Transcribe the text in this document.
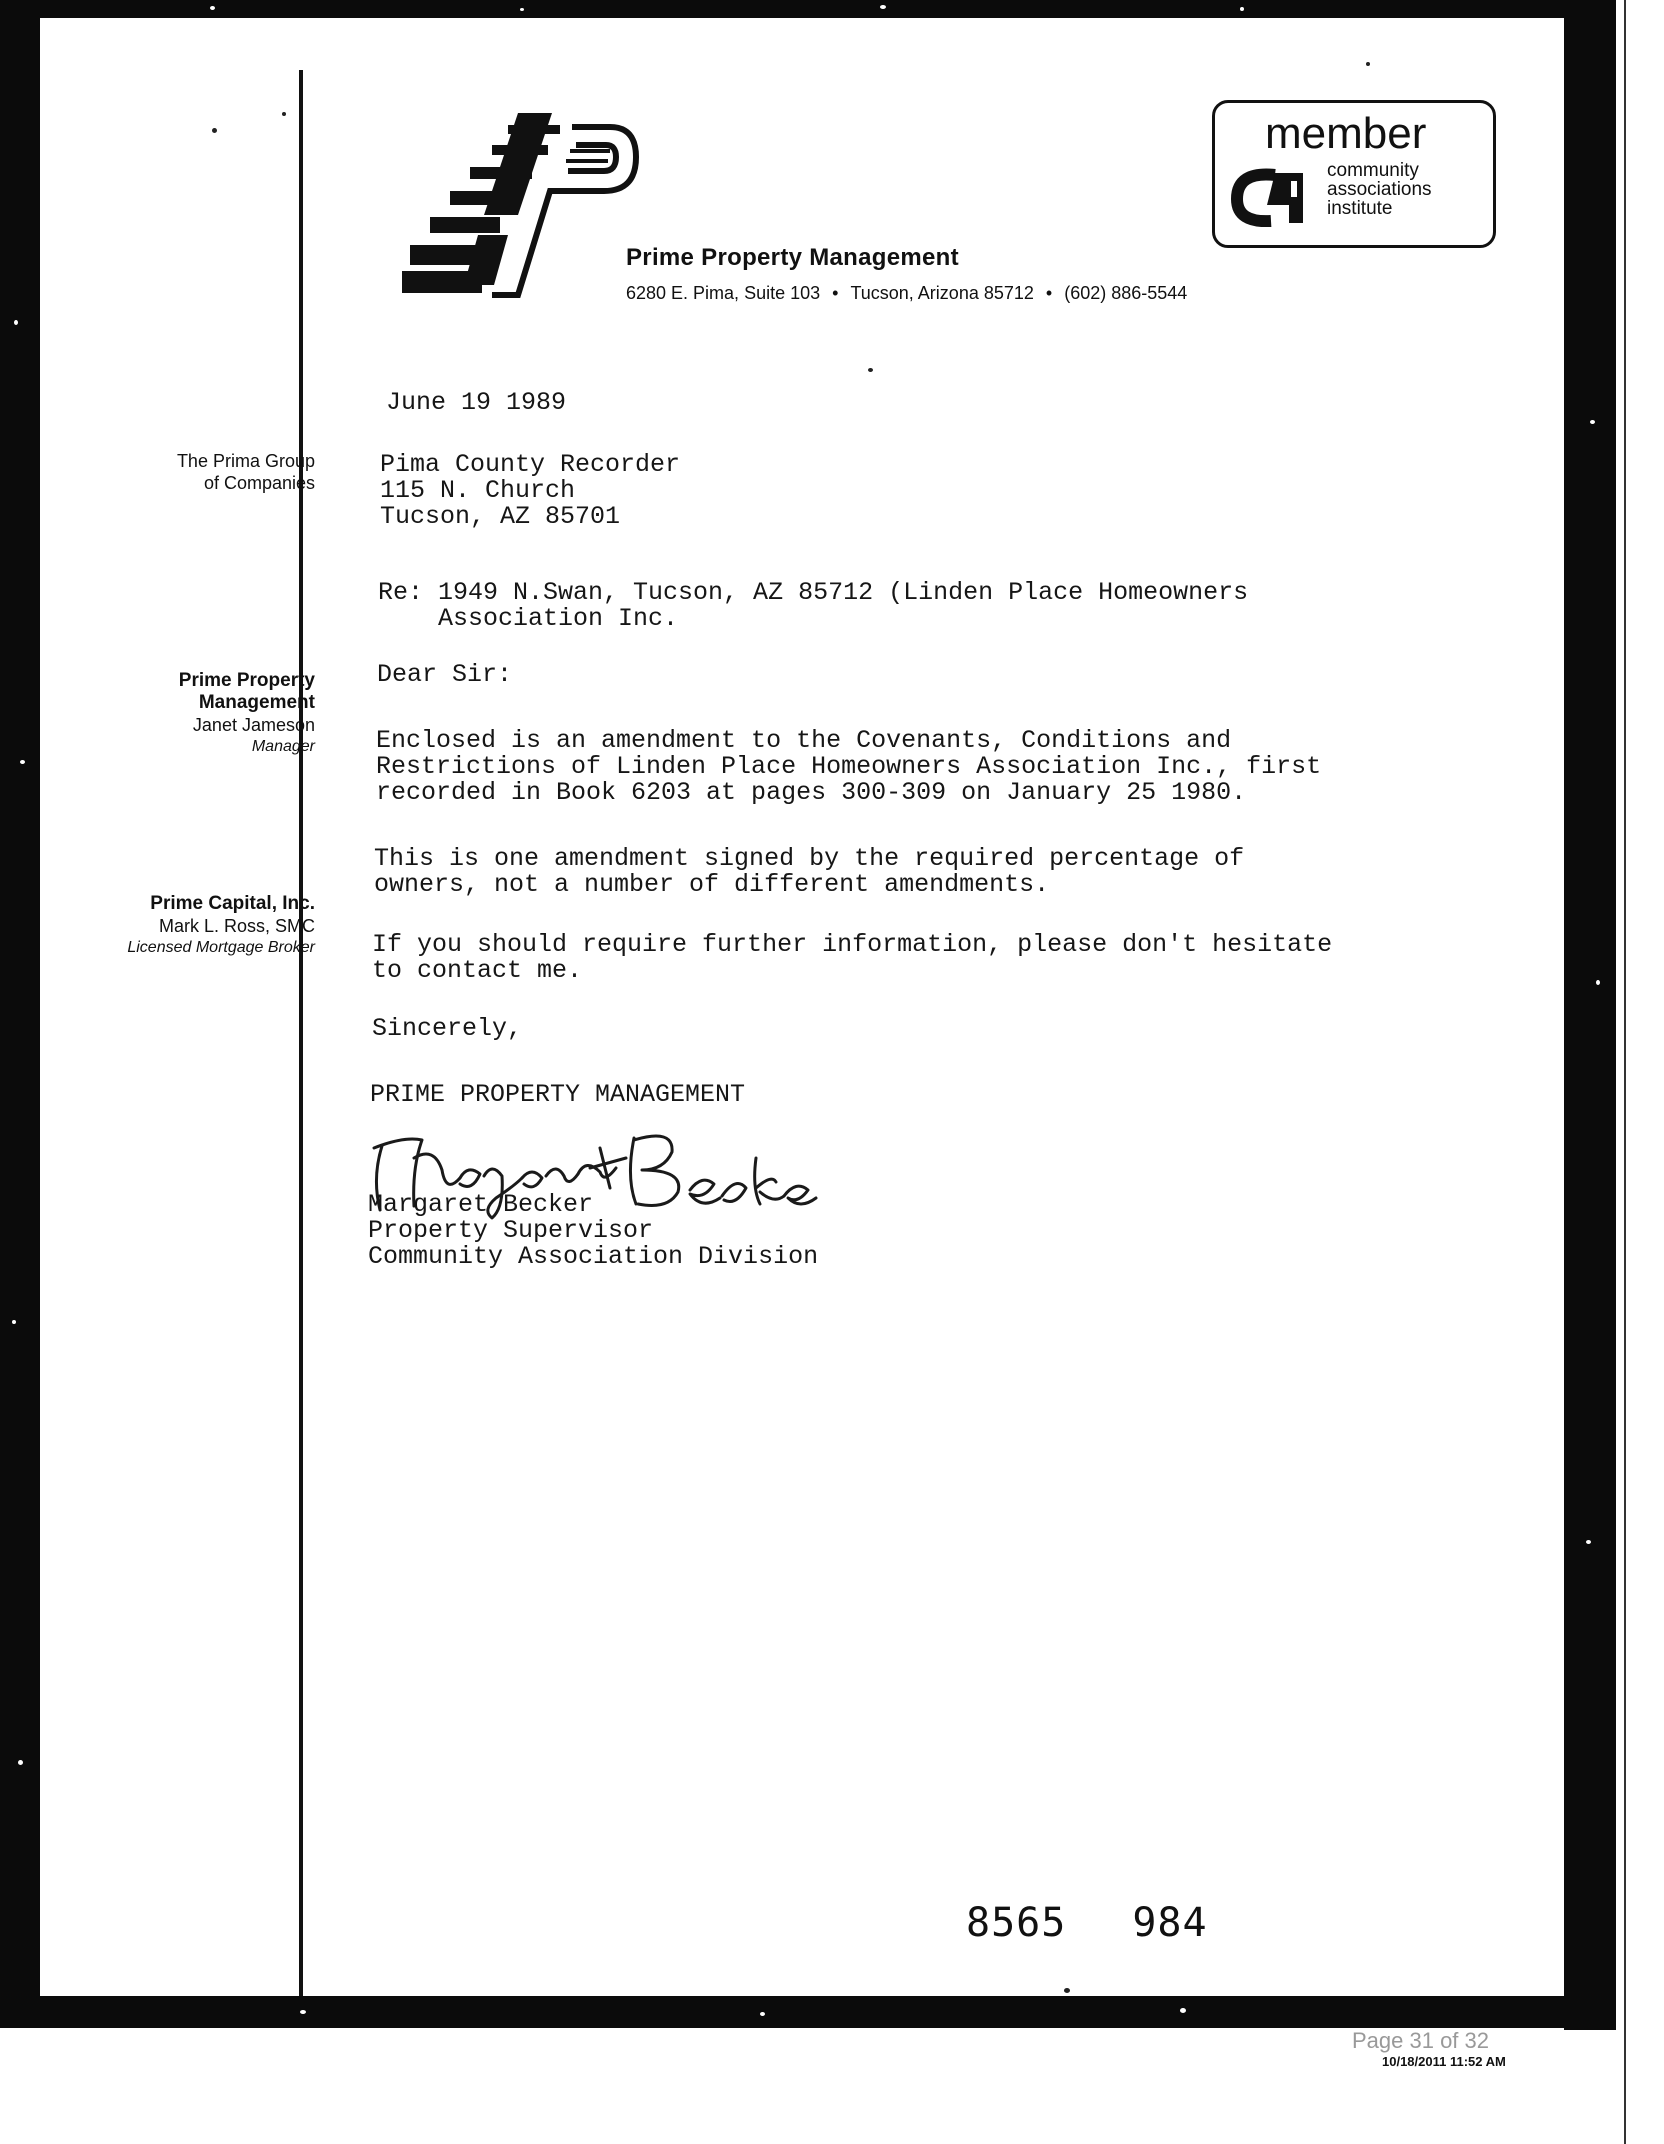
Prime Property Management
6280 E. Pima, Suite 103 • Tucson, Arizona 85712 • (602) 886-5544
member
community
associations
institute
The Prima Group
of Companies
Prime Property
Management
Janet Jameson
Manager
Prime Capital, Inc.
Mark L. Ross, SMC
Licensed Mortgage Broker
June 19 1989
Pima County Recorder
115 N. Church
Tucson, AZ 85701
Re: 1949 N.Swan, Tucson, AZ 85712 (Linden Place Homeowners
Association Inc.
Dear Sir:
Enclosed is an amendment to the Covenants, Conditions and
Restrictions of Linden Place Homeowners Association Inc., first
recorded in Book 6203 at pages 300-309 on January 25 1980.
This is one amendment signed by the required percentage of
owners, not a number of different amendments.
If you should require further information, please don't hesitate
to contact me.
Sincerely,
PRIME PROPERTY MANAGEMENT
Margaret Becker
Property Supervisor
Community Association Division
8565 984
Page 31 of 32
10/18/2011 11:52 AM
